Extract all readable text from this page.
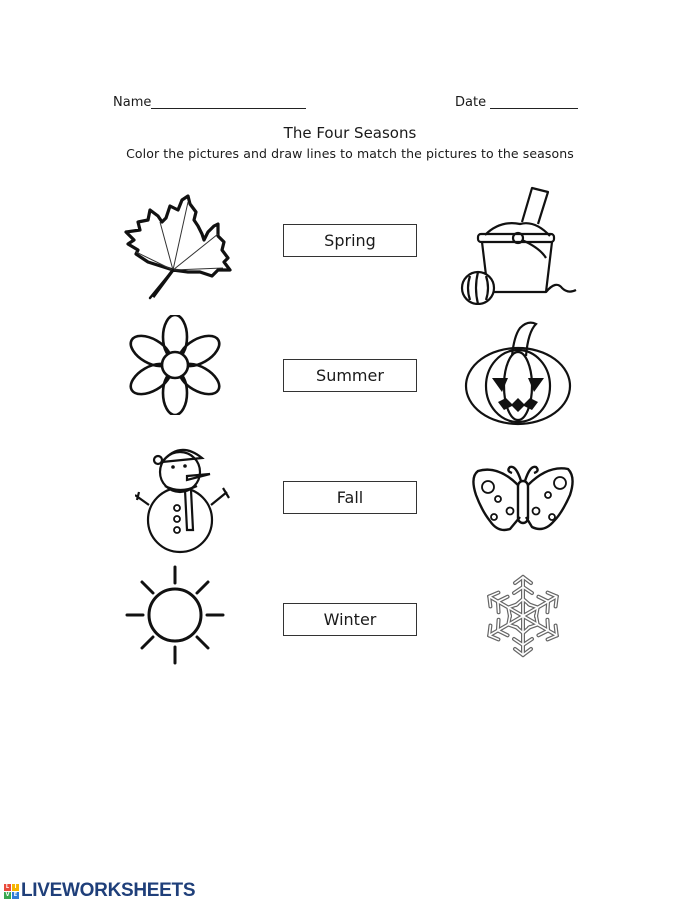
Name	Date
The Four Seasons
Color the pictures and draw lines to match the pictures to the seasons
Spring
Summer
Fall
Winter
L	I
V E LIVEWORKSHEETS
